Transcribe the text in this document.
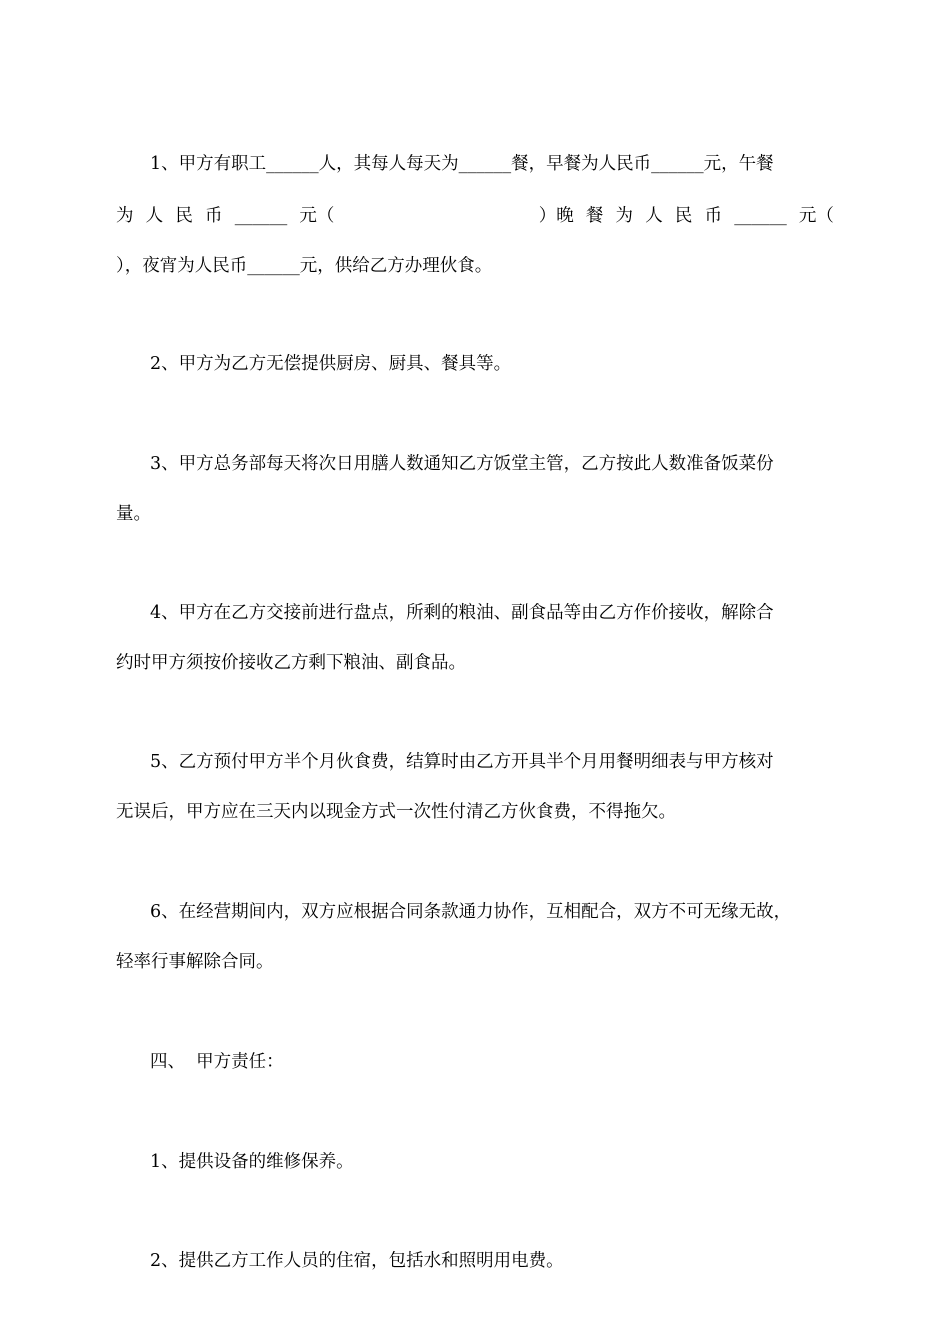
1、甲方有职工______人，其每人每天为______餐，早餐为人民币______元，午餐
为 人 民 币 ______ 元（	）晚 餐 为 人 民 币 ______ 元（
），夜宵为人民币______元，供给乙方办理伙食。
2、甲方为乙方无偿提供厨房、厨具、餐具等。
3、甲方总务部每天将次日用膳人数通知乙方饭堂主管，乙方按此人数准备饭菜份
量。
4、甲方在乙方交接前进行盘点，所剩的粮油、副食品等由乙方作价接收，解除合
约时甲方须按价接收乙方剩下粮油、副食品。
5、乙方预付甲方半个月伙食费，结算时由乙方开具半个月用餐明细表与甲方核对
无误后，甲方应在三天内以现金方式一次性付清乙方伙食费，不得拖欠。
6、在经营期间内，双方应根据合同条款通力协作，互相配合，双方不可无缘无故，
轻率行事解除合同。
四、  甲方责任：
1、提供设备的维修保养。
2、提供乙方工作人员的住宿，包括水和照明用电费。
